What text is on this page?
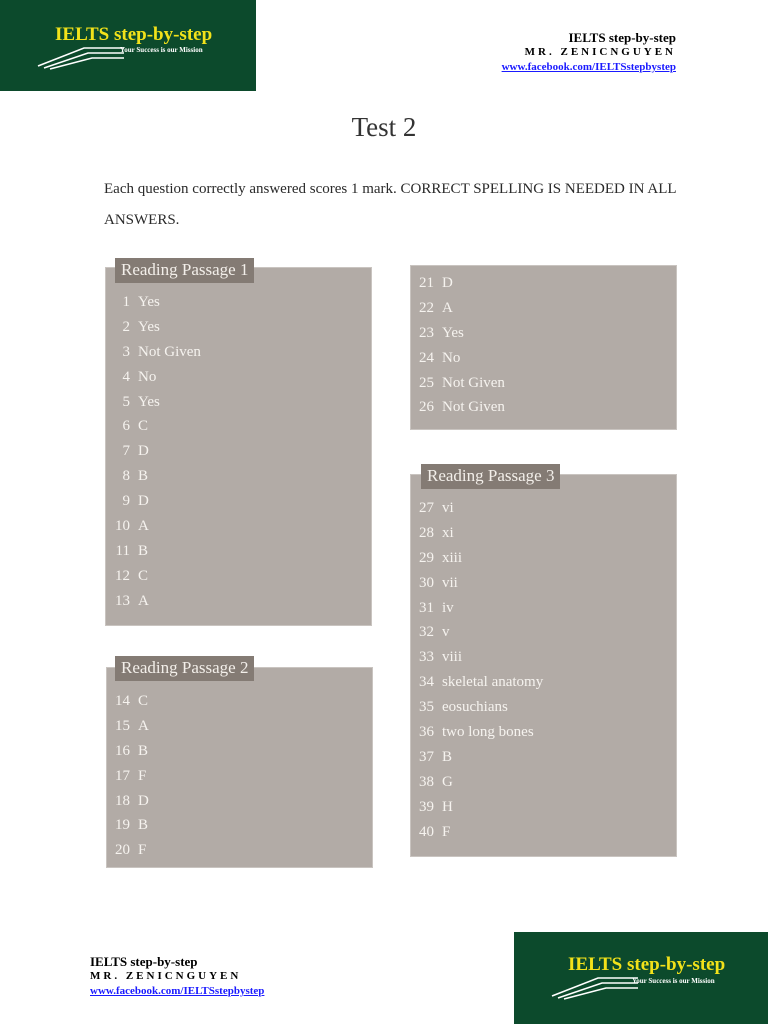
IELTS step-by-step
Your Success is our Mission
IELTS step-by-step
MR. ZENICNGUYEN
www.facebook.com/IELTSstepbystep
Test 2
Each question correctly answered scores 1 mark. CORRECT SPELLING IS NEEDED IN ALL ANSWERS.
Reading Passage 1
1 Yes
2 Yes
3 Not Given
4 No
5 Yes
6 C
7 D
8 B
9 D
10 A
11 B
12 C
13 A
Reading Passage 2
14 C
15 A
16 B
17 F
18 D
19 B
20 F
21 D
22 A
23 Yes
24 No
25 Not Given
26 Not Given
Reading Passage 3
27 vi
28 xi
29 xiii
30 vii
31 iv
32 v
33 viii
34 skeletal anatomy
35 eosuchians
36 two long bones
37 B
38 G
39 H
40 F
IELTS step-by-step
MR. ZENICNGUYEN
www.facebook.com/IELTSstepbystep
IELTS step-by-step
Your Success is our Mission
